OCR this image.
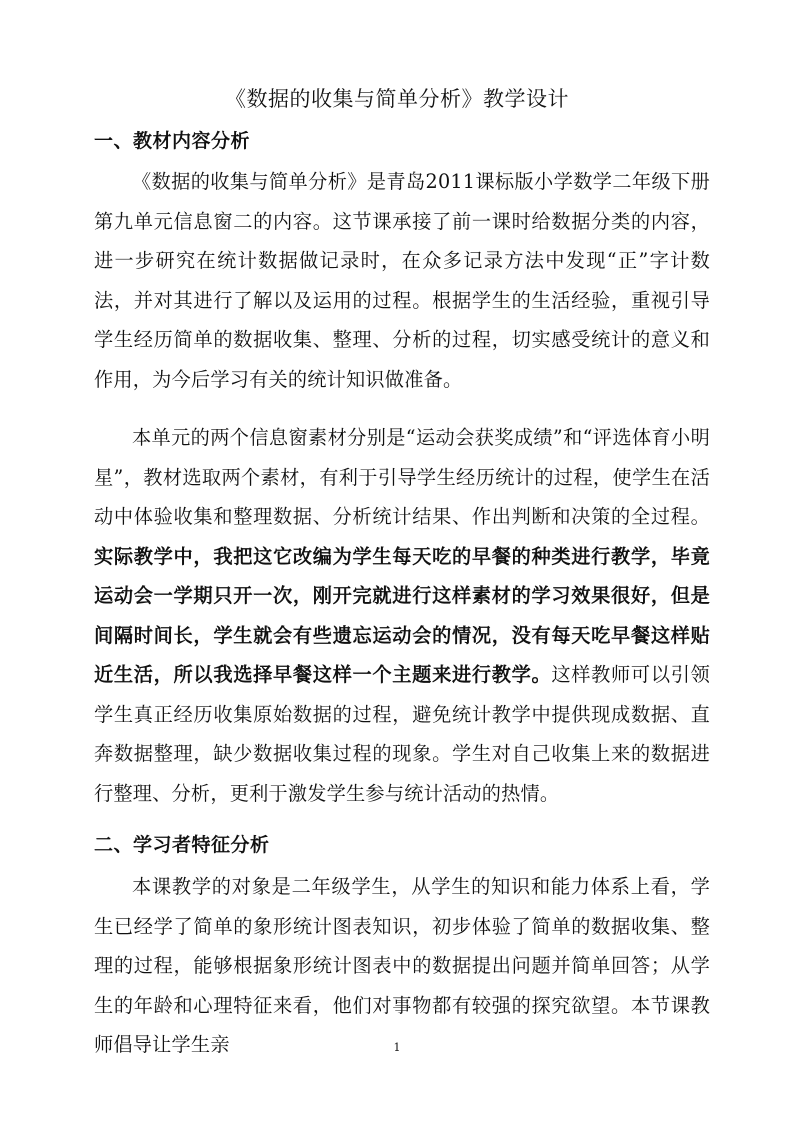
《数据的收集与简单分析》教学设计
一、教材内容分析

《数据的收集与简单分析》是青岛2011课标版小学数学二年级下册第九单元信息窗二的内容。这节课承接了前一课时给数据分类的内容，进一步研究在统计数据做记录时，在众多记录方法中发现“正”字计数法，并对其进行了解以及运用的过程。根据学生的生活经验，重视引导学生经历简单的数据收集、整理、分析的过程，切实感受统计的意义和作用，为今后学习有关的统计知识做准备。

本单元的两个信息窗素材分别是“运动会获奖成绩”和“评选体育小明星”，教材选取两个素材，有利于引导学生经历统计的过程，使学生在活动中体验收集和整理数据、分析统计结果、作出判断和决策的全过程。实际教学中，我把这它改编为学生每天吃的早餐的种类进行教学，毕竟运动会一学期只开一次，刚开完就进行这样素材的学习效果很好，但是间隔时间长，学生就会有些遗忘运动会的情况，没有每天吃早餐这样贴近生活，所以我选择早餐这样一个主题来进行教学。这样教师可以引领学生真正经历收集原始数据的过程，避免统计教学中提供现成数据、直奔数据整理，缺少数据收集过程的现象。学生对自己收集上来的数据进行整理、分析，更利于激发学生参与统计活动的热情。

二、学习者特征分析

本课教学的对象是二年级学生，从学生的知识和能力体系上看，学生已经学了简单的象形统计图表知识，初步体验了简单的数据收集、整理的过程，能够根据象形统计图表中的数据提出问题并简单回答；从学生的年龄和心理特征来看，他们对事物都有较强的探究欲望。本节课教师倡导让学生亲	1
